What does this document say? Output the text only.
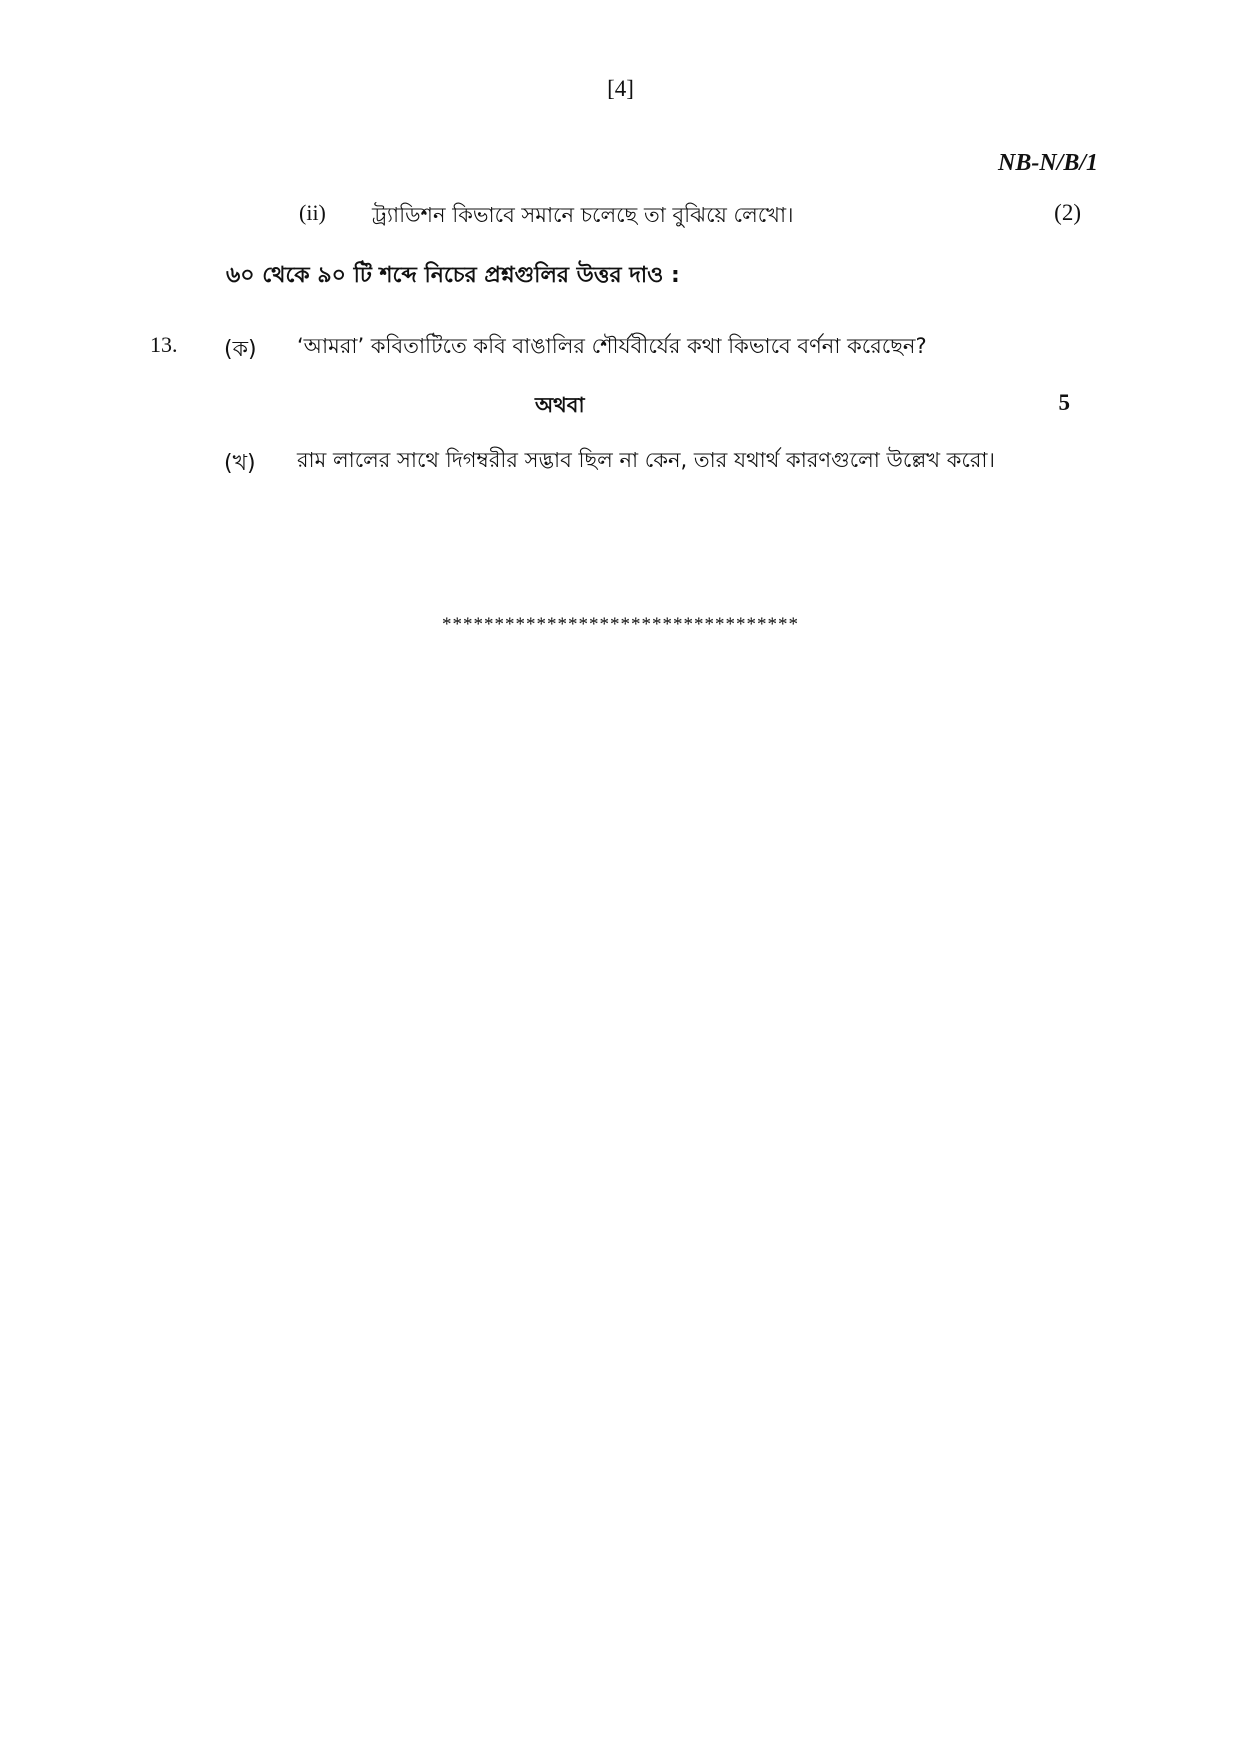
[4]
NB-N/B/1
(ii) ট্র্যাডিশন কিভাবে সমানে চলেছে তা বুঝিয়ে লেখো।	(2)
৬০ থেকে ৯০ টি শব্দে নিচের প্রশ্নগুলির উত্তর দাও :
13. (ক) ‘আমরা’ কবিতাটিতে কবি বাঙালির শৌর্যবীর্যের কথা কিভাবে বর্ণনা করেছেন?
অথবা	5
(খ) রাম লালের সাথে দিগম্বরীর সদ্ভাব ছিল না কেন, তার যথার্থ কারণগুলো উল্লেখ করো।
**********************************
